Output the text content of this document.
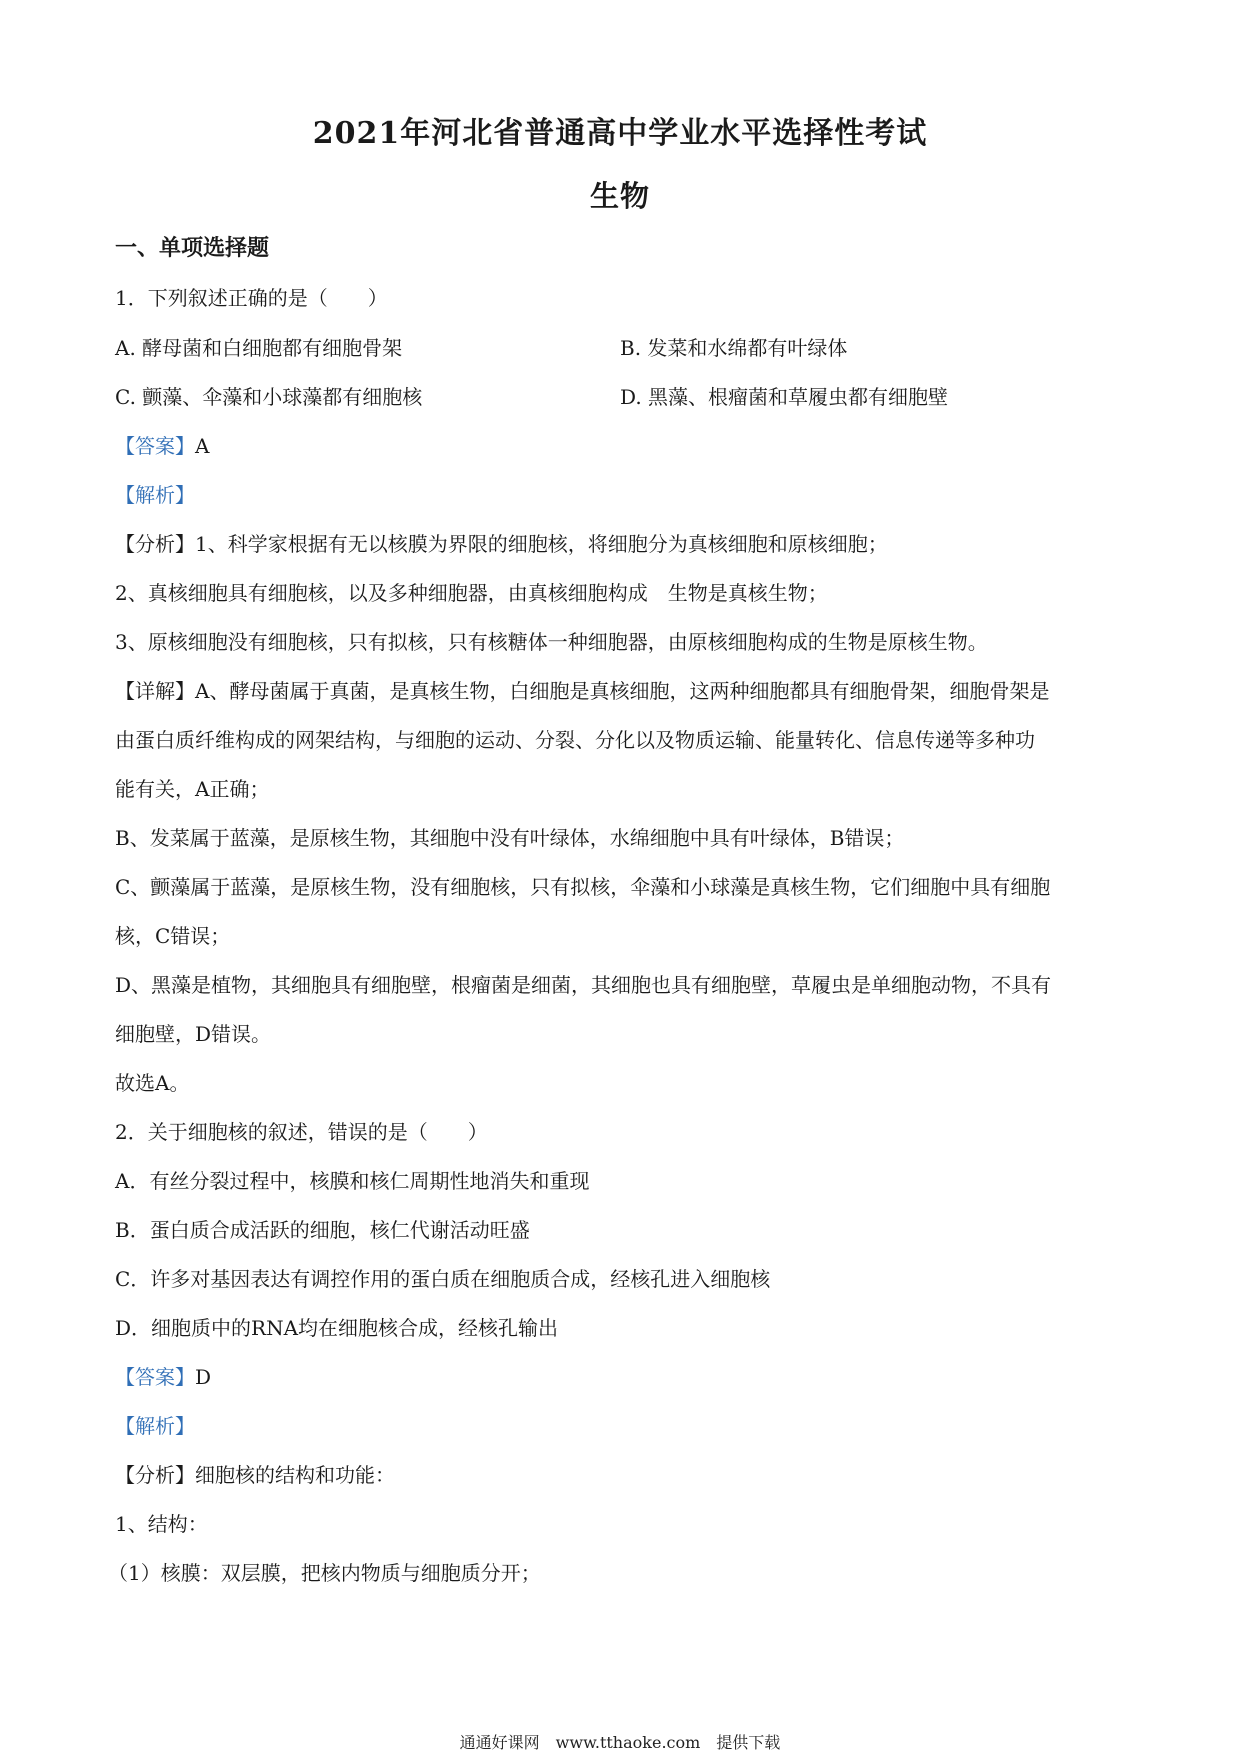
2021年河北省普通高中学业水平选择性考试
生物
一、单项选择题
1．下列叙述正确的是（　　）
A. 酵母菌和白细胞都有细胞骨架	B. 发菜和水绵都有叶绿体
C. 颤藻、伞藻和小球藻都有细胞核	D. 黑藻、根瘤菌和草履虫都有细胞壁
【答案】A
【解析】
【分析】1、科学家根据有无以核膜为界限的细胞核，将细胞分为真核细胞和原核细胞；
2、真核细胞具有细胞核，以及多种细胞器，由真核细胞构成　生物是真核生物；
3、原核细胞没有细胞核，只有拟核，只有核糖体一种细胞器，由原核细胞构成的生物是原核生物。
【详解】A、酵母菌属于真菌，是真核生物，白细胞是真核细胞，这两种细胞都具有细胞骨架，细胞骨架是
由蛋白质纤维构成的网架结构，与细胞的运动、分裂、分化以及物质运输、能量转化、信息传递等多种功
能有关，A正确；
B、发菜属于蓝藻，是原核生物，其细胞中没有叶绿体，水绵细胞中具有叶绿体，B错误；
C、颤藻属于蓝藻，是原核生物，没有细胞核，只有拟核，伞藻和小球藻是真核生物，它们细胞中具有细胞
核，C错误；
D、黑藻是植物，其细胞具有细胞壁，根瘤菌是细菌，其细胞也具有细胞壁，草履虫是单细胞动物，不具有
细胞壁，D错误。
故选A。
2．关于细胞核的叙述，错误的是（　　）
A．有丝分裂过程中，核膜和核仁周期性地消失和重现
B．蛋白质合成活跃的细胞，核仁代谢活动旺盛
C．许多对基因表达有调控作用的蛋白质在细胞质合成，经核孔进入细胞核
D．细胞质中的RNA均在细胞核合成，经核孔输出
【答案】D
【解析】
【分析】细胞核的结构和功能：
1、结构：
（1）核膜：双层膜，把核内物质与细胞质分开；
通通好课网　www.tthaoke.com　提供下载
